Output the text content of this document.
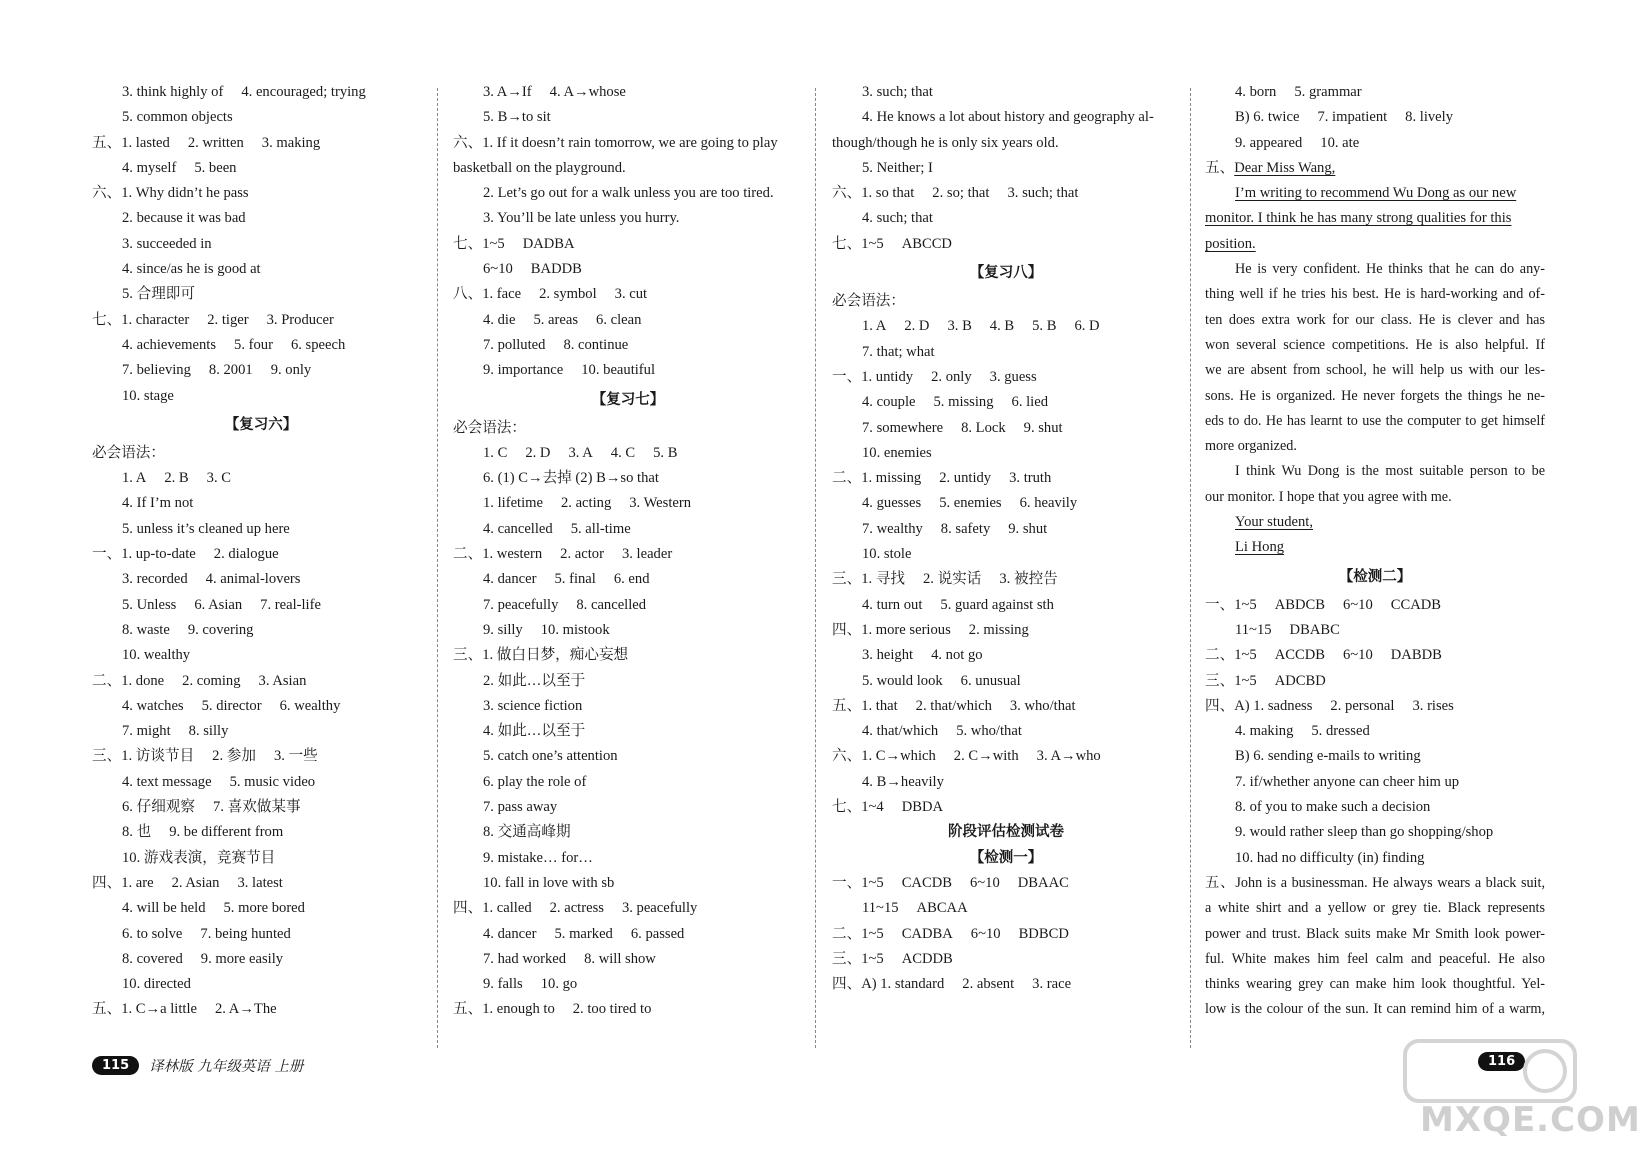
3. think highly of 4. encouraged; trying
5. common objects
五、1. lasted 2. written 3. making
4. myself 5. been
六、1. Why didn’t he pass
2. because it was bad
3. succeeded in
4. since/as he is good at
5. 合理即可
七、1. character 2. tiger 3. Producer
4. achievements 5. four 6. speech
7. believing 8. 2001 9. only
10. stage
【复习六】
必会语法：
1. A 2. B 3. C
4. If I’m not
5. unless it’s cleaned up here
一、1. up-to-date 2. dialogue
3. recorded 4. animal-lovers
5. Unless 6. Asian 7. real-life
8. waste 9. covering
10. wealthy
二、1. done 2. coming 3. Asian
4. watches 5. director 6. wealthy
7. might 8. silly
三、1. 访谈节目 2. 参加 3. 一些
4. text message 5. music video
6. 仔细观察 7. 喜欢做某事
8. 也 9. be different from
10. 游戏表演，竞赛节目
四、1. are 2. Asian 3. latest
4. will be held 5. more bored
6. to solve 7. being hunted
8. covered 9. more easily
10. directed
五、1. C→a little 2. A→The
3. A→If 4. A→whose
5. B→to sit
六、1. If it doesn’t rain tomorrow, we are going to play
basketball on the playground.
2. Let’s go out for a walk unless you are too tired.
3. You’ll be late unless you hurry.
七、1~5 DADBA
6~10 BADDB
八、1. face 2. symbol 3. cut
4. die 5. areas 6. clean
7. polluted 8. continue
9. importance 10. beautiful
【复习七】
必会语法：
1. C 2. D 3. A 4. C 5. B
6. (1) C→去掉 (2) B→so that
1. lifetime 2. acting 3. Western
4. cancelled 5. all-time
二、1. western 2. actor 3. leader
4. dancer 5. final 6. end
7. peacefully 8. cancelled
9. silly 10. mistook
三、1. 做白日梦，痴心妄想
2. 如此…以至于
3. science fiction
4. 如此…以至于
5. catch one’s attention
6. play the role of
7. pass away
8. 交通高峰期
9. mistake… for…
10. fall in love with sb
四、1. called 2. actress 3. peacefully
4. dancer 5. marked 6. passed
7. had worked 8. will show
9. falls 10. go
五、1. enough to 2. too tired to
3. such; that
4. He knows a lot about history and geography al-
though/though he is only six years old.
5. Neither; I
六、1. so that 2. so; that 3. such; that
4. such; that
七、1~5 ABCCD
【复习八】
必会语法：
1. A 2. D 3. B 4. B 5. B 6. D
7. that; what
一、1. untidy 2. only 3. guess
4. couple 5. missing 6. lied
7. somewhere 8. Lock 9. shut
10. enemies
二、1. missing 2. untidy 3. truth
4. guesses 5. enemies 6. heavily
7. wealthy 8. safety 9. shut
10. stole
三、1. 寻找 2. 说实话 3. 被控告
4. turn out 5. guard against sth
四、1. more serious 2. missing
3. height 4. not go
5. would look 6. unusual
五、1. that 2. that/which 3. who/that
4. that/which 5. who/that
六、1. C→which 2. C→with 3. A→who
4. B→heavily
七、1~4 DBDA
阶段评估检测试卷
【检测一】
一、1~5 CACDB 6~10 DBAAC
11~15 ABCAA
二、1~5 CADBA 6~10 BDBCD
三、1~5 ACDDB
四、A) 1. standard 2. absent 3. race
4. born 5. grammar
B) 6. twice 7. impatient 8. lively
9. appeared 10. ate
五、Dear Miss Wang,
I’m writing to recommend Wu Dong as our new
monitor. I think he has many strong qualities for this
position.
He is very confident. He thinks that he can do any-
thing well if he tries his best. He is hard-working and of-
ten does extra work for our class. He is clever and has
won several science competitions. He is also helpful. If
we are absent from school, he will help us with our les-
sons. He is organized. He never forgets the things he ne-
eds to do. He has learnt to use the computer to get himself
more organized.
I think Wu Dong is the most suitable person to be
our monitor. I hope that you agree with me.
Your student,
Li Hong
【检测二】
一、1~5 ABDCB 6~10 CCADB
11~15 DBABC
二、1~5 ACCDB 6~10 DABDB
三、1~5 ADCBD
四、A) 1. sadness 2. personal 3. rises
4. making 5. dressed
B) 6. sending e-mails to writing
7. if/whether anyone can cheer him up
8. of you to make such a decision
9. would rather sleep than go shopping/shop
10. had no difficulty (in) finding
五、John is a businessman. He always wears a black suit,
a white shirt and a yellow or grey tie. Black represents
power and trust. Black suits make Mr Smith look power-
ful. White makes him feel calm and peaceful. He also
thinks wearing grey can make him look thoughtful. Yel-
low is the colour of the sun. It can remind him of a warm,
115	译林版 九年级英语 上册	116
MXQE.COM
